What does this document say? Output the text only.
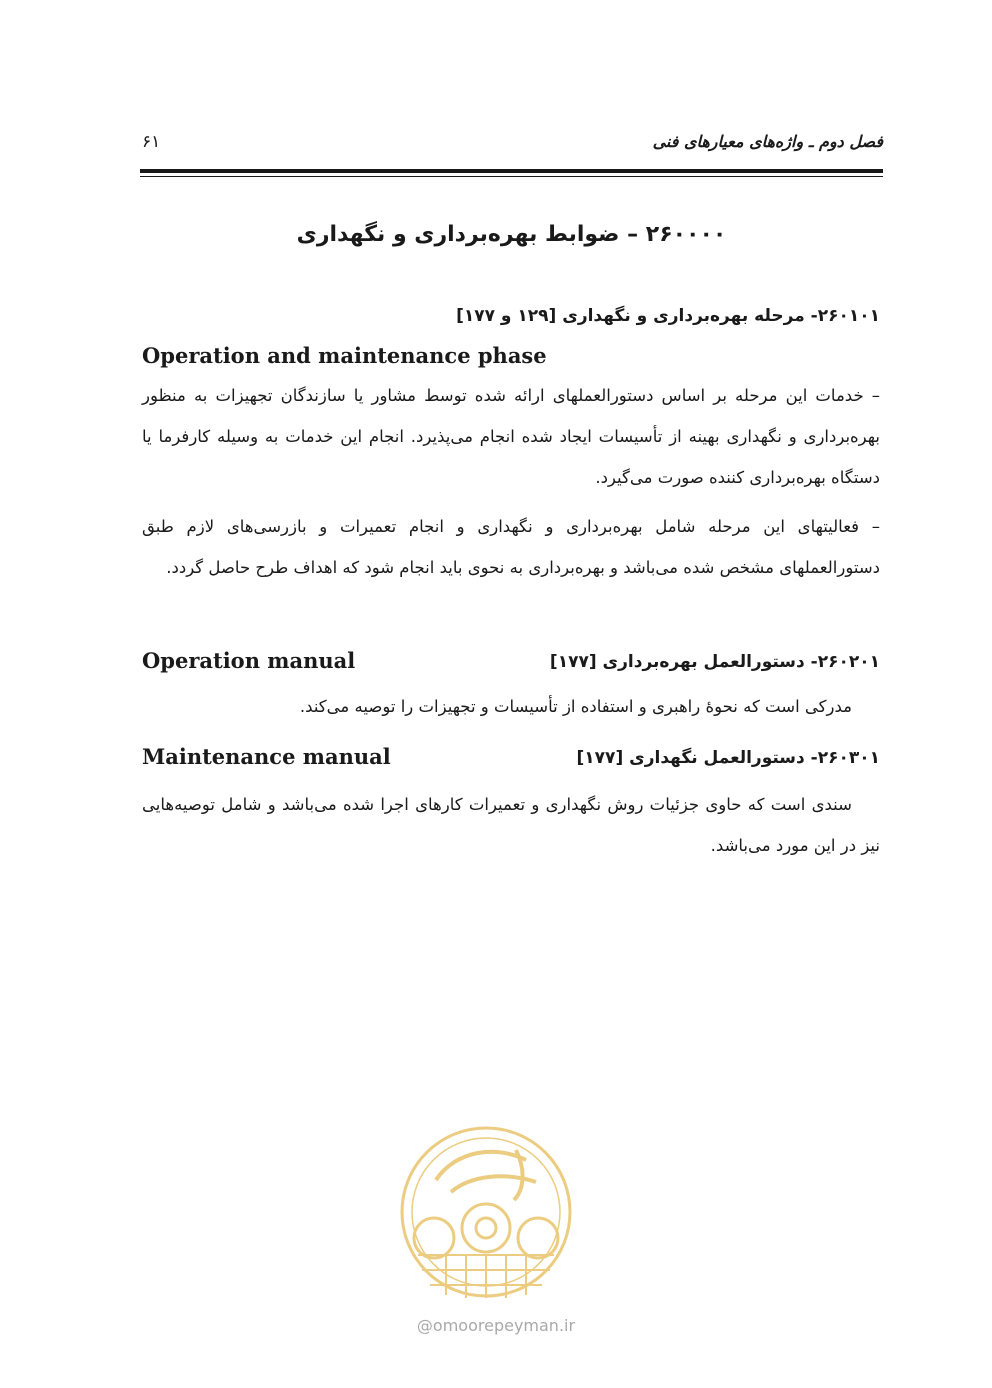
۶۱	فصل دوم ـ واژه‌های معیارهای فنی
۲۶۰۰۰۰ – ضوابط بهره‌برداری و نگهداری
۲۶۰۱۰۱- مرحله بهره‌برداری و نگهداری [۱۲۹ و ۱۷۷]
Operation and maintenance phase
– خدمات این مرحله بر اساس دستورالعملهای ارائه شده توسط مشاور یا سازندگان تجهیزات به منظور بهره‌برداری و نگهداری بهینه از تأسیسات ایجاد شده انجام می‌پذیرد. انجام این خدمات به وسیله کارفرما یا دستگاه بهره‌برداری کننده صورت می‌گیرد.
– فعالیتهای این مرحله شامل بهره‌برداری و نگهداری و انجام تعمیرات و بازرسی‌های لازم طبق دستورالعملهای مشخص شده می‌باشد و بهره‌برداری به نحوی باید انجام شود که اهداف طرح حاصل گردد.
۲۶۰۲۰۱- دستورالعمل بهره‌برداری [۱۷۷]
Operation manual
مدرکی است که نحوهٔ راهبری و استفاده از تأسیسات و تجهیزات را توصیه می‌کند.
۲۶۰۳۰۱- دستورالعمل نگهداری [۱۷۷]
Maintenance manual
سندی است که حاوی جزئیات روش نگهداری و تعمیرات کارهای اجرا شده می‌باشد و شامل توصیه‌هایی نیز در این مورد می‌باشد.
@omoorepeyman.ir
